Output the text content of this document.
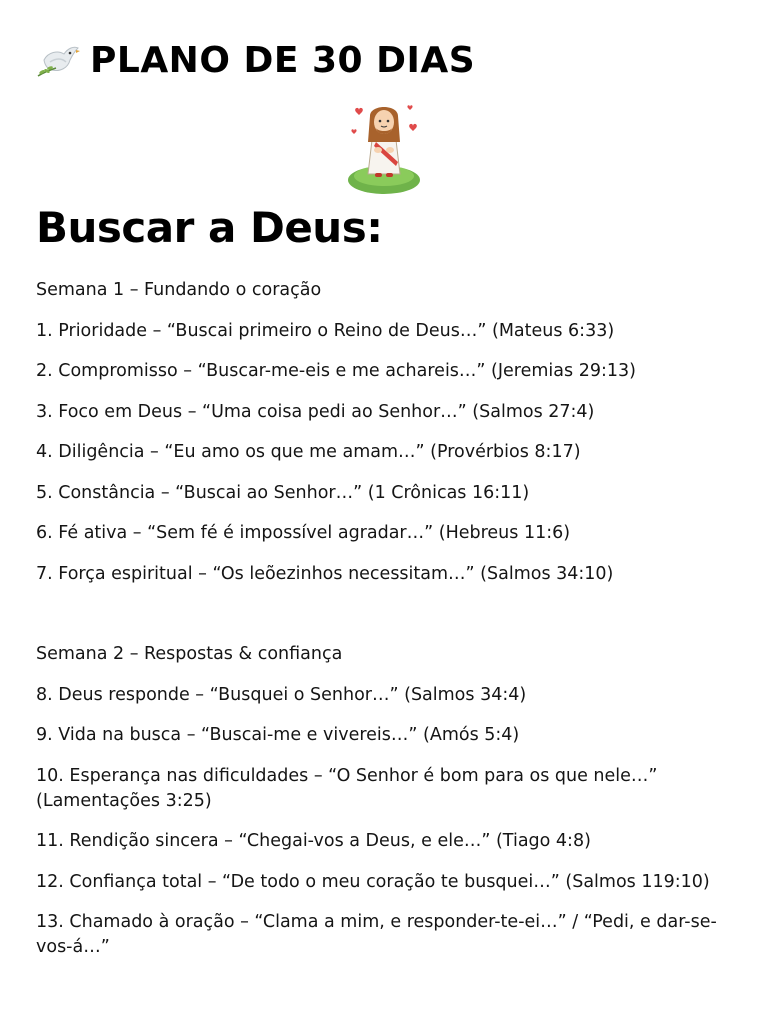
PLANO DE 30 DIAS
Buscar a Deus:
Semana 1 – Fundando o coração
1. Prioridade – “Buscai primeiro o Reino de Deus…” (Mateus 6:33)
2. Compromisso – “Buscar-me-eis e me achareis…” (Jeremias 29:13)
3. Foco em Deus – “Uma coisa pedi ao Senhor…” (Salmos 27:4)
4. Diligência – “Eu amo os que me amam…” (Provérbios 8:17)
5. Constância – “Buscai ao Senhor…” (1 Crônicas 16:11)
6. Fé ativa – “Sem fé é impossível agradar…” (Hebreus 11:6)
7. Força espiritual – “Os leõezinhos necessitam…” (Salmos 34:10)
Semana 2 – Respostas & confiança
8. Deus responde – “Busquei o Senhor…” (Salmos 34:4)
9. Vida na busca – “Buscai-me e vivereis…” (Amós 5:4)
10. Esperança nas dificuldades – “O Senhor é bom para os que nele…” (Lamentações 3:25)
11. Rendição sincera – “Chegai-vos a Deus, e ele…” (Tiago 4:8)
12. Confiança total – “De todo o meu coração te busquei…” (Salmos 119:10)
13. Chamado à oração – “Clama a mim, e responder-te-ei…” / “Pedi, e dar-se-vos-á…”
